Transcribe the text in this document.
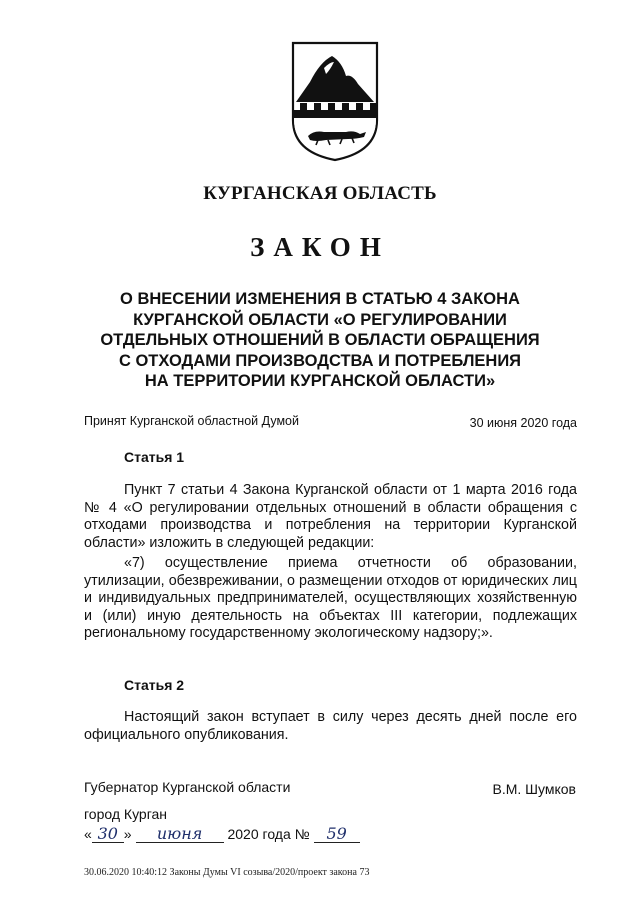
КУРГАНСКАЯ ОБЛАСТЬ
ЗАКОН
О ВНЕСЕНИИ ИЗМЕНЕНИЯ В СТАТЬЮ 4 ЗАКОНА
КУРГАНСКОЙ ОБЛАСТИ «О РЕГУЛИРОВАНИИ
ОТДЕЛЬНЫХ ОТНОШЕНИЙ В ОБЛАСТИ ОБРАЩЕНИЯ
С ОТХОДАМИ ПРОИЗВОДСТВА И ПОТРЕБЛЕНИЯ
НА ТЕРРИТОРИИ КУРГАНСКОЙ ОБЛАСТИ»
Принят Курганской областной Думой	30 июня 2020 года
Статья 1

Пункт 7 статьи 4 Закона Курганской области от 1 марта 2016 года № 4 «О регулировании отдельных отношений в области обращения с отходами производства и потребления на территории Курганской области» изложить в следующей редакции:

«7) осуществление приема отчетности об образовании, утилизации, обезвреживании, о размещении отходов от юридических лиц и индивидуальных предпринимателей, осуществляющих хозяйственную и (или) иную деятельность на объектах III категории, подлежащих региональному государственному экологическому надзору;».

Статья 2

Настоящий закон вступает в силу через десять дней после его официального опубликования.

Губернатор Курганской области	В.М. Шумков
город Курган
« 30 » июня 2020 года № 59
30.06.2020 10:40:12 Законы Думы VI созыва/2020/проект закона 73
